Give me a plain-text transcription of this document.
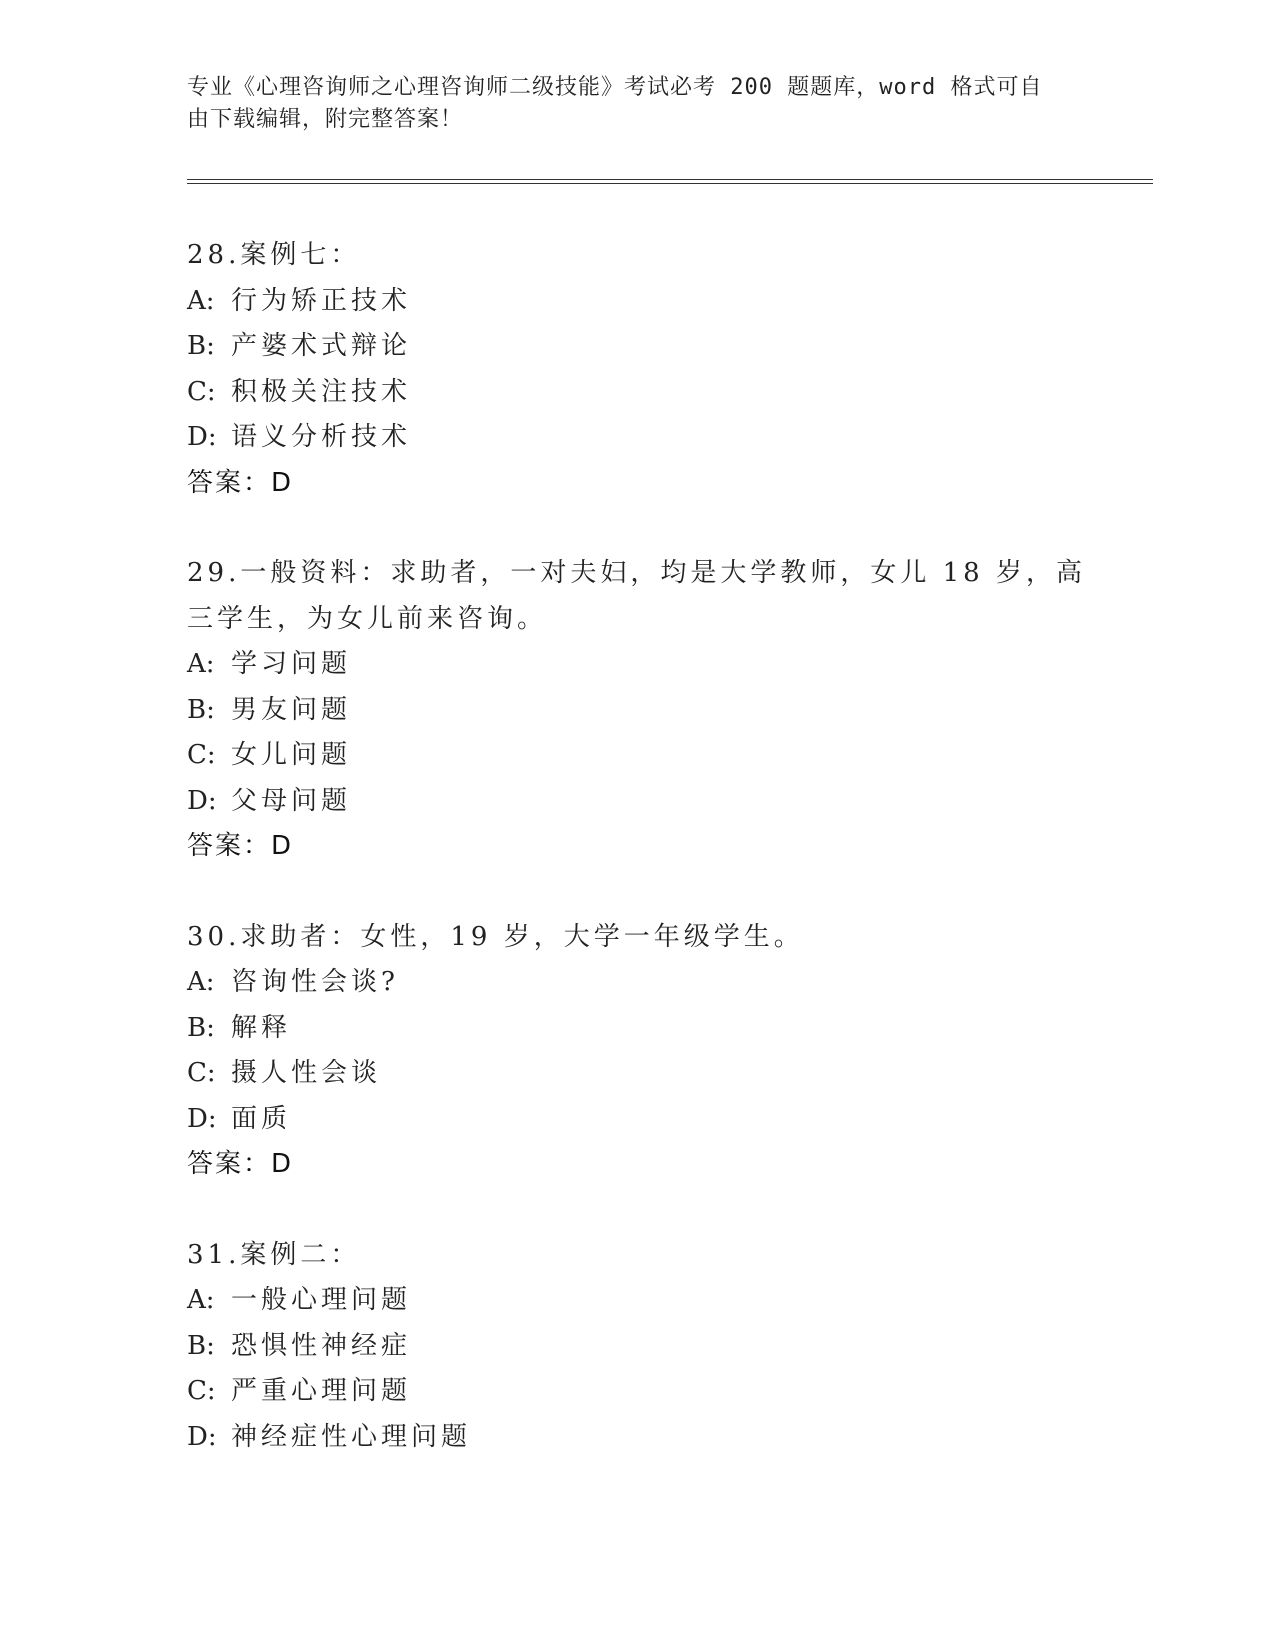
专业《心理咨询师之心理咨询师二级技能》考试必考 200 题题库，word 格式可自
由下载编辑，附完整答案！

28.案例七：

A: 行为矫正技术

B: 产婆术式辩论

C: 积极关注技术

D: 语义分析技术

答案：D

29.一般资料：求助者，一对夫妇，均是大学教师，女儿 18 岁，高三学生，为女儿前来咨询。

A: 学习问题

B: 男友问题

C: 女儿问题

D: 父母问题

答案：D

30.求助者：女性，19 岁，大学一年级学生。

A: 咨询性会谈?

B: 解释

C: 摄人性会谈

D: 面质

答案：D

31.案例二：

A: 一般心理问题

B: 恐惧性神经症

C: 严重心理问题

D: 神经症性心理问题
